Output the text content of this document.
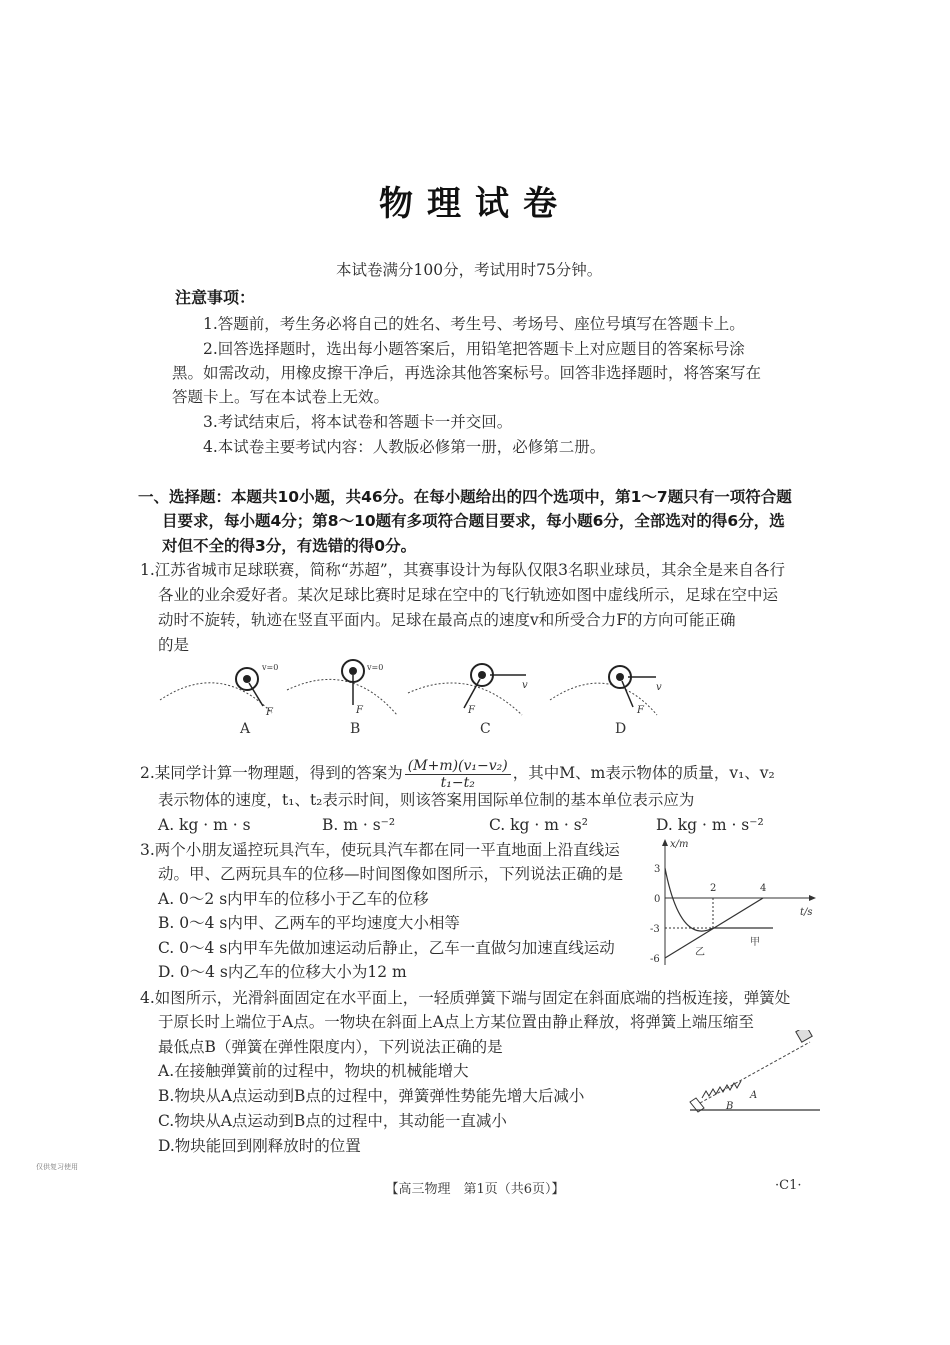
物理试卷
本试卷满分100分，考试用时75分钟。
注意事项：
1.答题前，考生务必将自己的姓名、考生号、考场号、座位号填写在答题卡上。
2.回答选择题时，选出每小题答案后，用铅笔把答题卡上对应题目的答案标号涂
黑。如需改动，用橡皮擦干净后，再选涂其他答案标号。回答非选择题时，将答案写在
答题卡上。写在本试卷上无效。
3.考试结束后，将本试卷和答题卡一并交回。
4.本试卷主要考试内容：人教版必修第一册，必修第二册。
一、选择题：本题共10小题，共46分。在每小题给出的四个选项中，第1～7题只有一项符合题
目要求，每小题4分；第8～10题有多项符合题目要求，每小题6分，全部选对的得6分，选
对但不全的得3分，有选错的得0分。
1.江苏省城市足球联赛，简称“苏超”，其赛事设计为每队仅限3名职业球员，其余全是来自各行
各业的业余爱好者。某次足球比赛时足球在空中的飞行轨迹如图中虚线所示，足球在空中运
动时不旋转，轨迹在竖直平面内。足球在最高点的速度v和所受合力F的方向可能正确
的是
v=0
F
A
v=0
F
B
v
F
C
v
F
D
2.某同学计算一物理题，得到的答案为 $\frac{\text{(M+m)(v₁−v₂)}}{\text{t₁−t₂}}$ ，其中M、m表示物体的质量，v₁、v₂
表示物体的速度，t₁、t₂表示时间，则该答案用国际单位制的基本单位表示应为
A. kg · m · s	B. m · s⁻²	C. kg · m · s²	D. kg · m · s⁻²
3.两个小朋友遥控玩具汽车，使玩具汽车都在同一平直地面上沿直线运
动。甲、乙两玩具车的位移—时间图像如图所示，下列说法正确的是
A. 0～2 s内甲车的位移小于乙车的位移
B. 0～4 s内甲、乙两车的平均速度大小相等
C. 0～4 s内甲车先做加速运动后静止，乙车一直做匀加速直线运动
D. 0～4 s内乙车的位移大小为12 m
x/m
t/s
3
0
-3
-6
2	4
甲
乙
4.如图所示，光滑斜面固定在水平面上，一轻质弹簧下端与固定在斜面底端的挡板连接，弹簧处
于原长时上端位于A点。一物块在斜面上A点上方某位置由静止释放，将弹簧上端压缩至
最低点B（弹簧在弹性限度内），下列说法正确的是
A.在接触弹簧前的过程中，物块的机械能增大
B.物块从A点运动到B点的过程中，弹簧弹性势能先增大后减小
C.物块从A点运动到B点的过程中，其动能一直减小
D.物块能回到刚释放时的位置
A
B
仅供复习使用
【高三物理　第1页（共6页）】	·C1·
